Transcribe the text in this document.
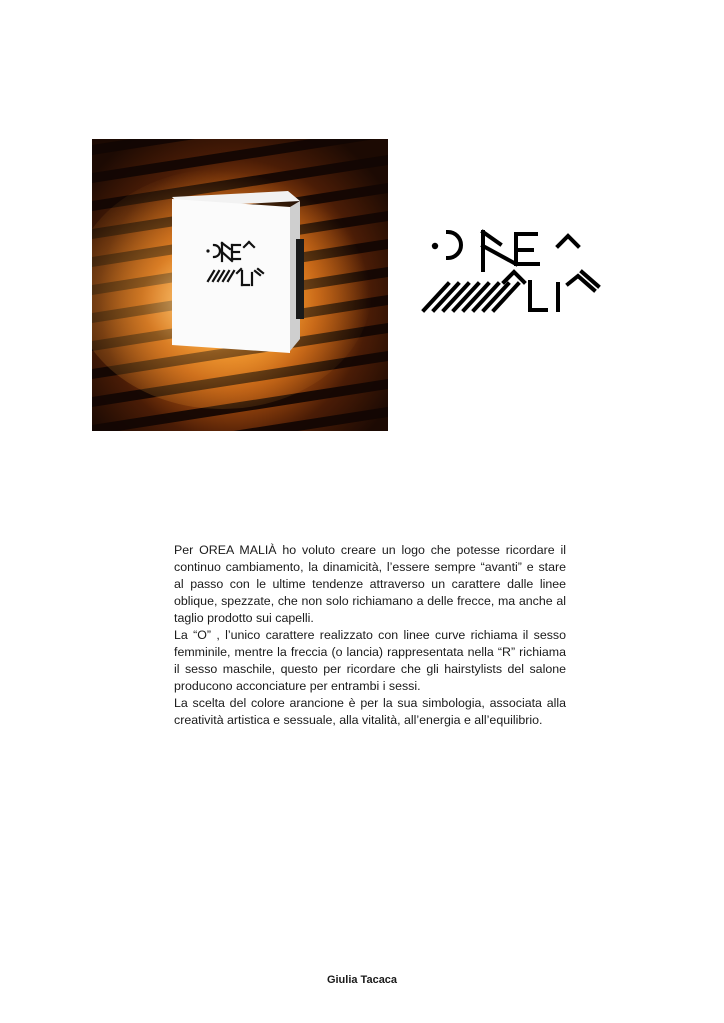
Per OREA MALIÀ ho voluto creare un logo che potesse ricordare il continuo cambiamento, la dinamicità, l’essere sempre “avanti” e stare al passo con le ultime tendenze attraverso un carattere dalle linee oblique, spezzate, che non solo richiamano a delle frecce, ma anche al taglio prodotto sui capelli.

La “O” , l’unico carattere realizzato con linee curve richiama il sesso femminile, mentre la freccia (o lancia) rappresentata nella “R” richiama il sesso maschile, questo per ricordare che gli hairstylists del salone producono acconciature per entrambi i sessi.

La scelta del colore arancione è per la sua simbologia, associata alla creatività artistica e sessuale, alla vitalità, all’energia e all’equilibrio.

Giulia Tacaca
